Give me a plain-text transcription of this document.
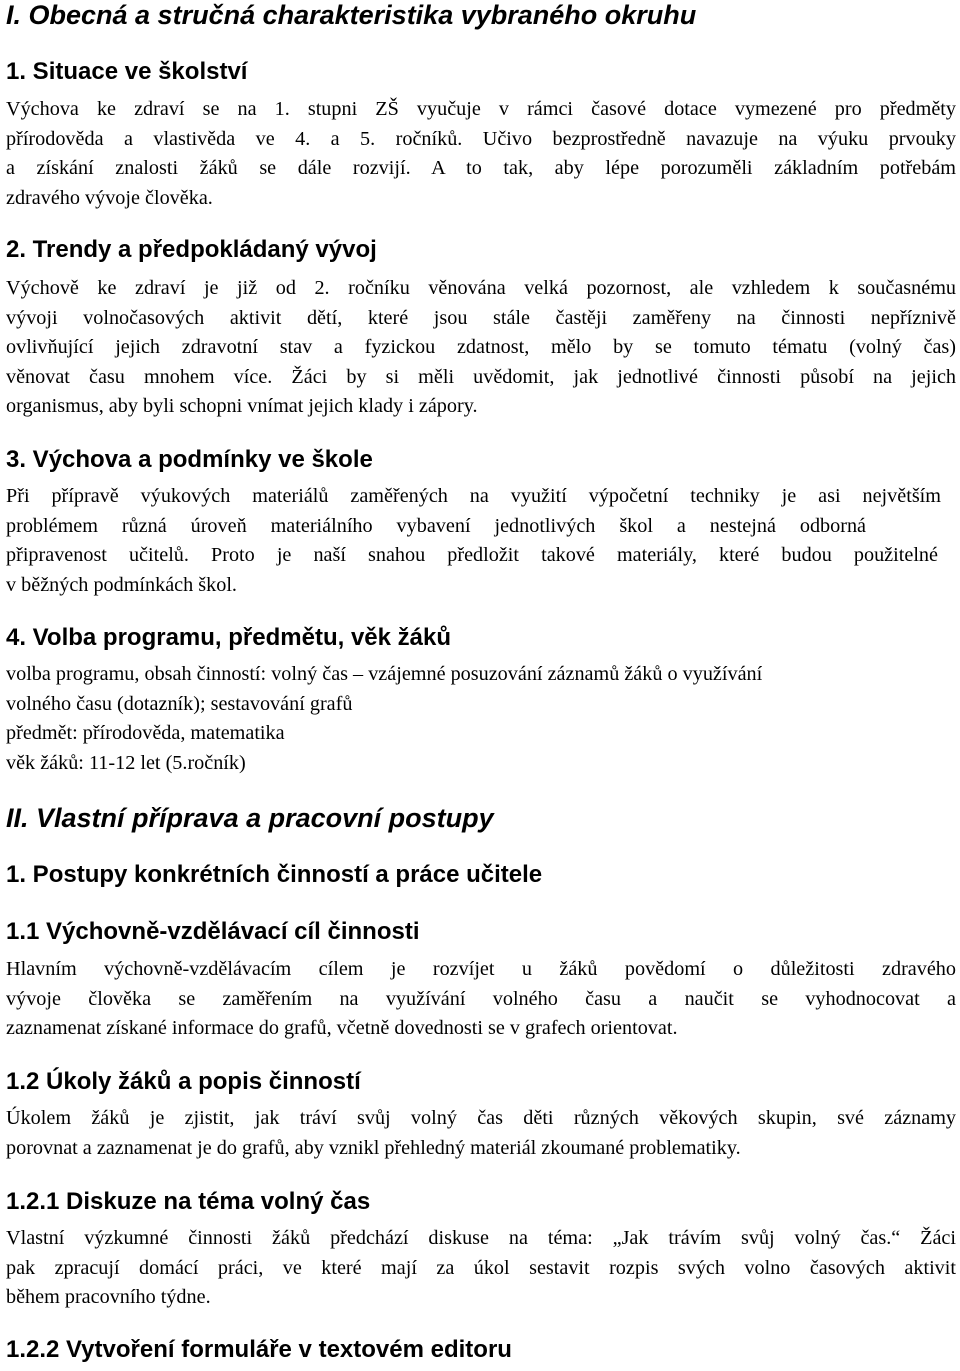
I. Obecná a stručná charakteristika vybraného okruhu
1. Situace ve školství
Výchova ke zdraví se na 1. stupni ZŠ vyučuje v rámci časové dotace vymezené pro předměty
přírodověda a vlastivěda ve 4. a 5. ročníků. Učivo bezprostředně navazuje na výuku prvouky
a získání znalosti žáků se dále rozvijí. A to tak, aby lépe porozuměli základním potřebám
zdravého vývoje člověka.
2. Trendy a předpokládaný vývoj
Výchově ke zdraví je již od 2. ročníku věnována velká pozornost, ale vzhledem k současnému
vývoji volnočasových aktivit dětí, které jsou stále častěji zaměřeny na činnosti nepříznivě
ovlivňující jejich zdravotní stav a fyzickou zdatnost, mělo by se tomuto tématu (volný čas)
věnovat času mnohem více. Žáci by si měli uvědomit, jak jednotlivé činnosti působí na jejich
organismus, aby byli schopni vnímat jejich klady i zápory.
3. Výchova a podmínky ve škole
Při přípravě výukových materiálů zaměřených na využití výpočetní techniky je asi největším
problémem různá úroveň materiálního vybavení jednotlivých škol a nestejná odborná
připravenost učitelů. Proto je naší snahou předložit takové materiály, které budou použitelné
v běžných podmínkách škol.
4. Volba programu, předmětu, věk žáků
volba programu, obsah činností: volný čas – vzájemné posuzování záznamů žáků o využívání
volného času (dotazník); sestavování grafů
předmět: přírodověda, matematika
věk žáků: 11-12 let (5.ročník)
II. Vlastní příprava a pracovní postupy
1. Postupy konkrétních činností a práce učitele
1.1 Výchovně-vzdělávací cíl činnosti
Hlavním výchovně-vzdělávacím cílem je rozvíjet u žáků povědomí o důležitosti zdravého
vývoje člověka se zaměřením na využívání volného času a naučit se vyhodnocovat a
zaznamenat získané informace do grafů, včetně dovednosti se v grafech orientovat.
1.2 Úkoly žáků a popis činností
Úkolem žáků je zjistit, jak tráví svůj volný čas děti různých věkových skupin, své záznamy
porovnat a zaznamenat je do grafů, aby vznikl přehledný materiál zkoumané problematiky.
1.2.1 Diskuze na téma volný čas
Vlastní výzkumné činnosti žáků předchází diskuse na téma: „Jak trávím svůj volný čas.“ Žáci
pak zpracují domácí práci, ve které mají za úkol sestavit rozpis svých volno časových aktivit
během pracovního týdne.
1.2.2 Vytvoření formuláře v textovém editoru
